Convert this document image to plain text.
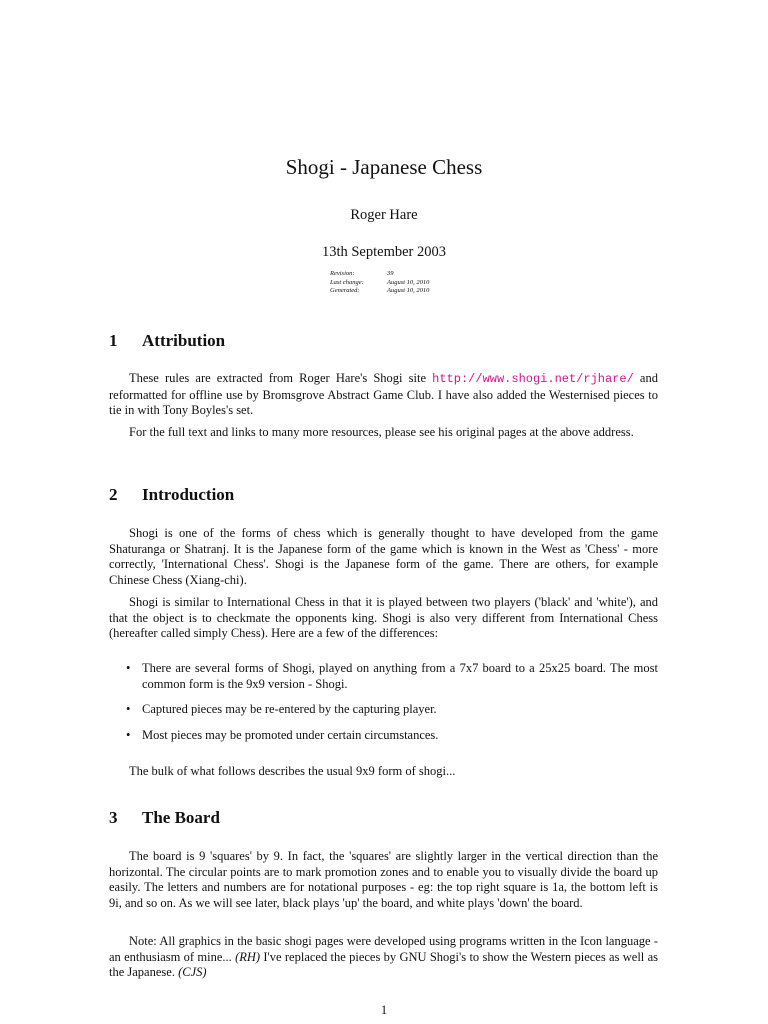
Shogi - Japanese Chess
Roger Hare
13th September 2003
Revision:	39
Last change:	August 10, 2010
Generated:	August 10, 2010
1 Attribution
These rules are extracted from Roger Hare's Shogi site http://www.shogi.net/rjhare/ and reformatted for offline use by Bromsgrove Abstract Game Club. I have also added the Westernised pieces to tie in with Tony Boyles's set.
For the full text and links to many more resources, please see his original pages at the above address.
2 Introduction
Shogi is one of the forms of chess which is generally thought to have developed from the game Shaturanga or Shatranj. It is the Japanese form of the game which is known in the West as 'Chess' - more correctly, 'International Chess'. Shogi is the Japanese form of the game. There are others, for example Chinese Chess (Xiang-chi).
Shogi is similar to International Chess in that it is played between two players ('black' and 'white'), and that the object is to checkmate the opponents king. Shogi is also very different from International Chess (hereafter called simply Chess). Here are a few of the differences:
• There are several forms of Shogi, played on anything from a 7x7 board to a 25x25 board. The most common form is the 9x9 version - Shogi.
• Captured pieces may be re-entered by the capturing player.
• Most pieces may be promoted under certain circumstances.
The bulk of what follows describes the usual 9x9 form of shogi...
3 The Board
The board is 9 'squares' by 9. In fact, the 'squares' are slightly larger in the vertical direction than the horizontal. The circular points are to mark promotion zones and to enable you to visually divide the board up easily. The letters and numbers are for notational purposes - eg: the top right square is 1a, the bottom left is 9i, and so on. As we will see later, black plays 'up' the board, and white plays 'down' the board.
Note: All graphics in the basic shogi pages were developed using programs written in the Icon language - an enthusiasm of mine... (RH) I've replaced the pieces by GNU Shogi's to show the Western pieces as well as the Japanese. (CJS)
1
